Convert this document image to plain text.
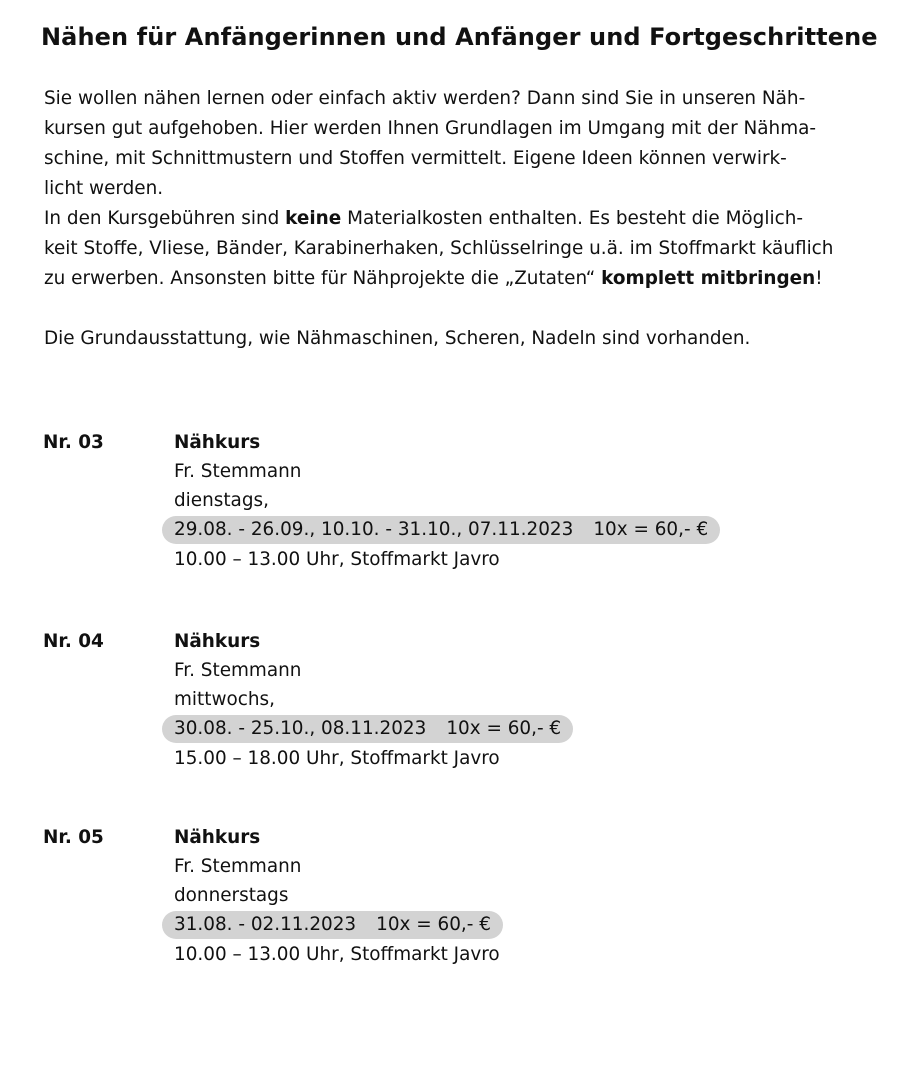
Nähen für Anfängerinnen und Anfänger und Fortgeschrittene

Sie wollen nähen lernen oder einfach aktiv werden? Dann sind Sie in unseren Näh-

kursen gut aufgehoben. Hier werden Ihnen Grundlagen im Umgang mit der Nähma-

schine, mit Schnittmustern und Stoffen vermittelt. Eigene Ideen können verwirk-

licht werden.

In den Kursgebühren sind keine Materialkosten enthalten. Es besteht die Möglich-

keit Stoffe, Vliese, Bänder, Karabinerhaken, Schlüsselringe u.ä. im Stoffmarkt käuflich

zu erwerben. Ansonsten bitte für Nähprojekte die „Zutaten“ komplett mitbringen!

Die Grundausstattung, wie Nähmaschinen, Scheren, Nadeln sind vorhanden.

Nr. 03	Nähkurs
Fr. Stemmann
dienstags,
29.08. - 26.09., 10.10. - 31.10., 07.11.2023 10x = 60,- €
10.00 – 13.00 Uhr, Stoffmarkt Javro
Nr. 04	Nähkurs
Fr. Stemmann
mittwochs,
30.08. - 25.10., 08.11.2023 10x = 60,- €
15.00 – 18.00 Uhr, Stoffmarkt Javro
Nr. 05	Nähkurs
Fr. Stemmann
donnerstags
31.08. - 02.11.2023 10x = 60,- €
10.00 – 13.00 Uhr, Stoffmarkt Javro
